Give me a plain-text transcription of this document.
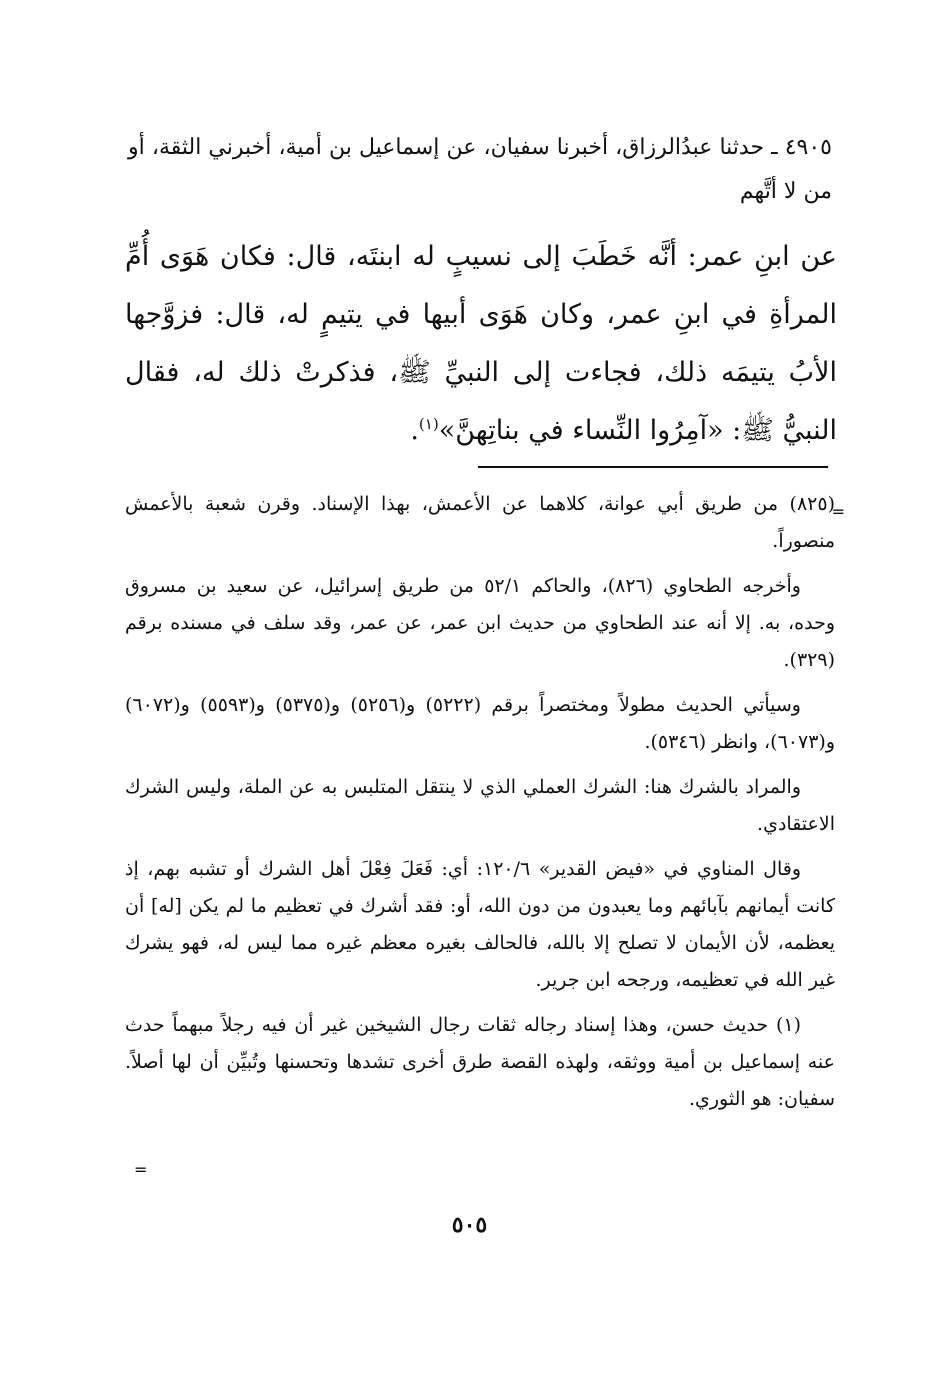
٤٩٠٥ ـ حدثنا عبدُالرزاق، أخبرنا سفيان، عن إسماعيل بن أمية، أخبرني الثقة، أو من لا أتَّهم
عن ابنِ عمر: أنَّه خَطَبَ إلى نسيبٍ له ابنتَه، قال: فكان هَوَى أُمِّ المرأةِ في ابنِ عمر، وكان هَوَى أبيها في يتيمٍ له، قال: فزوَّجها الأبُ يتيمَه ذلك، فجاءت إلى النبيِّ ﷺ، فذكرتْ ذلك له، فقال النبيُّ ﷺ: «آمِرُوا النِّساء في بناتِهنَّ»$^{(١)}$.
=

(٨٢٥) من طريق أبي عوانة، كلاهما عن الأعمش، بهذا الإسناد. وقرن شعبة بالأعمش منصوراً.

وأخرجه الطحاوي (٨٢٦)، والحاكم ٥٢/١ من طريق إسرائيل، عن سعيد بن مسروق وحده، به. إلا أنه عند الطحاوي من حديث ابن عمر، عن عمر، وقد سلف في مسنده برقم (٣٢٩).

وسيأتي الحديث مطولاً ومختصراً برقم (٥٢٢٢) و(٥٢٥٦) و(٥٣٧٥) و(٥٥٩٣) و(٦٠٧٢) و(٦٠٧٣)، وانظر (٥٣٤٦).

والمراد بالشرك هنا: الشرك العملي الذي لا ينتقل المتلبس به عن الملة، وليس الشرك الاعتقادي.

وقال المناوي في «فيض القدير» ١٢٠/٦: أي: فَعَلَ فِعْلَ أهل الشرك أو تشبه بهم، إذ كانت أيمانهم بآبائهم وما يعبدون من دون الله، أو: فقد أشرك في تعظيم ما لم يكن [له] أن يعظمه، لأن الأيمان لا تصلح إلا بالله، فالحالف بغيره معظم غيره مما ليس له، فهو يشرك غير الله في تعظيمه، ورجحه ابن جرير.

(١) حديث حسن، وهذا إسناد رجاله ثقات رجال الشيخين غير أن فيه رجلاً مبهماً حدث عنه إسماعيل بن أمية ووثقه، ولهذه القصة طرق أخرى تشدها وتحسنها وتُبيِّن أن لها أصلاً. سفيان: هو الثوري.

=
٥٠٥
